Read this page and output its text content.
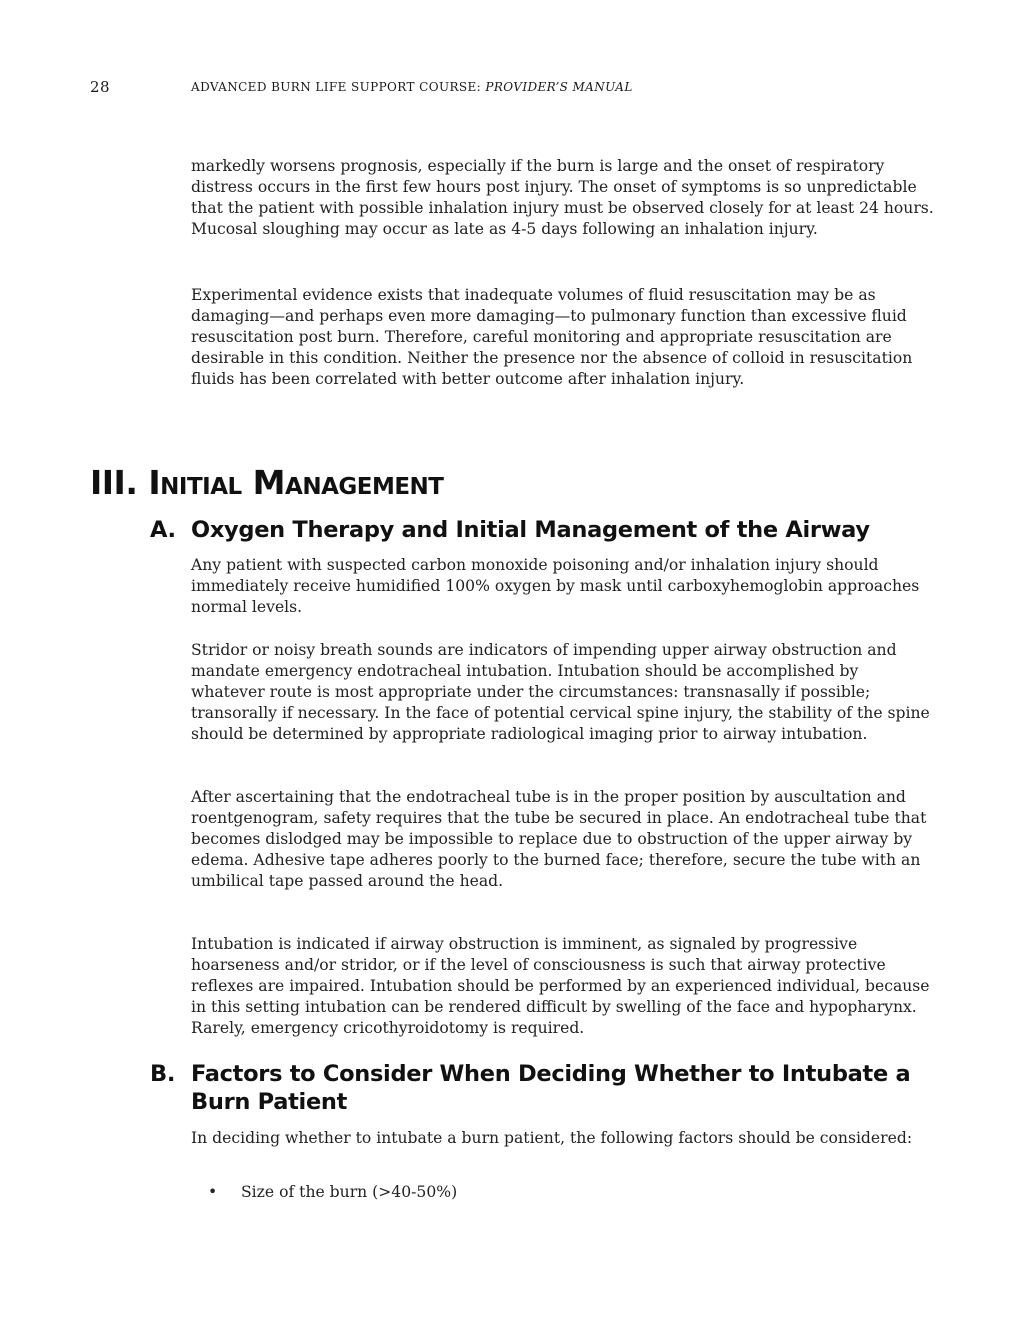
28	ADVANCED BURN LIFE SUPPORT COURSE: PROVIDER’S MANUAL
markedly worsens prognosis, especially if the burn is large and the onset of respiratory distress occurs in the first few hours post injury. The onset of symptoms is so unpredictable that the patient with possible inhalation injury must be observed closely for at least 24 hours. Mucosal sloughing may occur as late as 4-5 days following an inhalation injury.
Experimental evidence exists that inadequate volumes of fluid resuscitation may be as damaging—and perhaps even more damaging—to pulmonary function than excessive fluid resuscitation post burn. Therefore, careful monitoring and appropriate resuscitation are desirable in this condition. Neither the presence nor the absence of colloid in resuscitation fluids has been correlated with better outcome after inhalation injury.
III. INITIAL MANAGEMENT
A. Oxygen Therapy and Initial Management of the Airway
Any patient with suspected carbon monoxide poisoning and/or inhalation injury should immediately receive humidified 100% oxygen by mask until carboxyhemoglobin approaches normal levels.
Stridor or noisy breath sounds are indicators of impending upper airway obstruction and mandate emergency endotracheal intubation. Intubation should be accomplished by whatever route is most appropriate under the circumstances: transnasally if possible; transorally if necessary. In the face of potential cervical spine injury, the stability of the spine should be determined by appropriate radiological imaging prior to airway intubation.
After ascertaining that the endotracheal tube is in the proper position by auscultation and roentgenogram, safety requires that the tube be secured in place. An endotracheal tube that becomes dislodged may be impossible to replace due to obstruction of the upper airway by edema. Adhesive tape adheres poorly to the burned face; therefore, secure the tube with an umbilical tape passed around the head.
Intubation is indicated if airway obstruction is imminent, as signaled by progressive hoarseness and/or stridor, or if the level of consciousness is such that airway protective reflexes are impaired. Intubation should be performed by an experienced individual, because in this setting intubation can be rendered difficult by swelling of the face and hypopharynx. Rarely, emergency cricothyroidotomy is required.
B. Factors to Consider When Deciding Whether to Intubate a Burn Patient
In deciding whether to intubate a burn patient, the following factors should be considered:
• Size of the burn (>40-50%)
